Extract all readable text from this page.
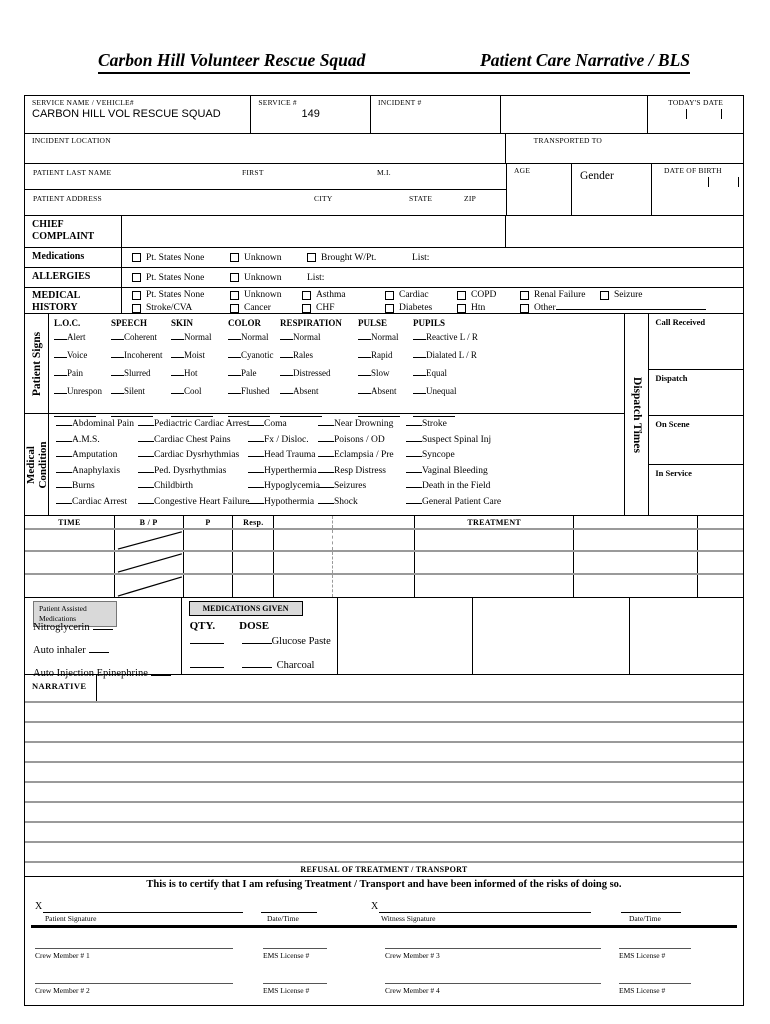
Carbon Hill Volunteer Rescue Squad	Patient Care Narrative / BLS
SERVICE NAME / VEHICLE#
CARBON HILL VOL RESCUE SQUAD
SERVICE #
149
INCIDENT #	TODAY'S DATE
INCIDENT LOCATION	TRANSPORTED TO
PATIENT LAST NAME	FIRST	M.I.
PATIENT ADDRESS	CITY	STATE	ZIP
AGE	Gender	DATE OF BIRTH
CHIEF COMPLAINT
Medications	Pt. States None	Unknown	Brought W/Pt.	List:
ALLERGIES	Pt. States None	Unknown	List:
MEDICAL HISTORY
Pt. States None	Unknown	Asthma	Cardiac	COPD	Renal Failure	Seizure
Stroke/CVA	Cancer	CHF	Diabetes	Htn	Other
Patient Signs
L.O.C.
Alert
Voice
Pain
Unrespon
SPEECH
Coherent
Incoherent
Slurred
Silent
SKIN
Normal
Moist
Hot
Cool
COLOR
Normal
Cyanotic
Pale
Flushed
RESPIRATION
Normal
Rales
Distressed
Absent
PULSE
Normal
Rapid
Slow
Absent
PUPILS
Reactive L / R
Dialated L / R
Equal
Unequal
Medical Condition
Abdominal Pain
A.M.S.
Amputation
Anaphylaxis
Burns
Cardiac Arrest
Pediactric Cardiac Arrest
Cardiac Chest Pains
Cardiac Dysrhythmias
Ped. Dysrhythmias
Childbirth
Congestive Heart Failure
Coma
Fx / Disloc.
Head Trauma
Hyperthermia
Hypoglycemia
Hypothermia
Near Drowning
Poisons / OD
Eclampsia / Pre
Resp Distress
Seizures
Shock
Stroke
Suspect Spinal Inj
Syncope
Vaginal Bleeding
Death in the Field
General Patient Care
Dispatch Times
Call Received
Dispatch
On Scene
In Service
TIME	B / P	P	Resp.	TREATMENT
Patient Assisted Medications
Nitroglycerin
Auto inhaler
Auto Injection Epinephrine
MEDICATIONS GIVEN
QTY. DOSE
Glucose Paste
Charcoal
NARRATIVE
REFUSAL OF TREATMENT / TRANSPORT
This is to certify that I am refusing Treatment / Transport and have been informed of the risks of doing so.
X	X
Patient Signature	Date/Time	Witness Signature	Date/Time
Crew Member # 1	EMS License #	Crew Member # 3	EMS License #
Crew Member # 2	EMS License #	Crew Member # 4	EMS License #
